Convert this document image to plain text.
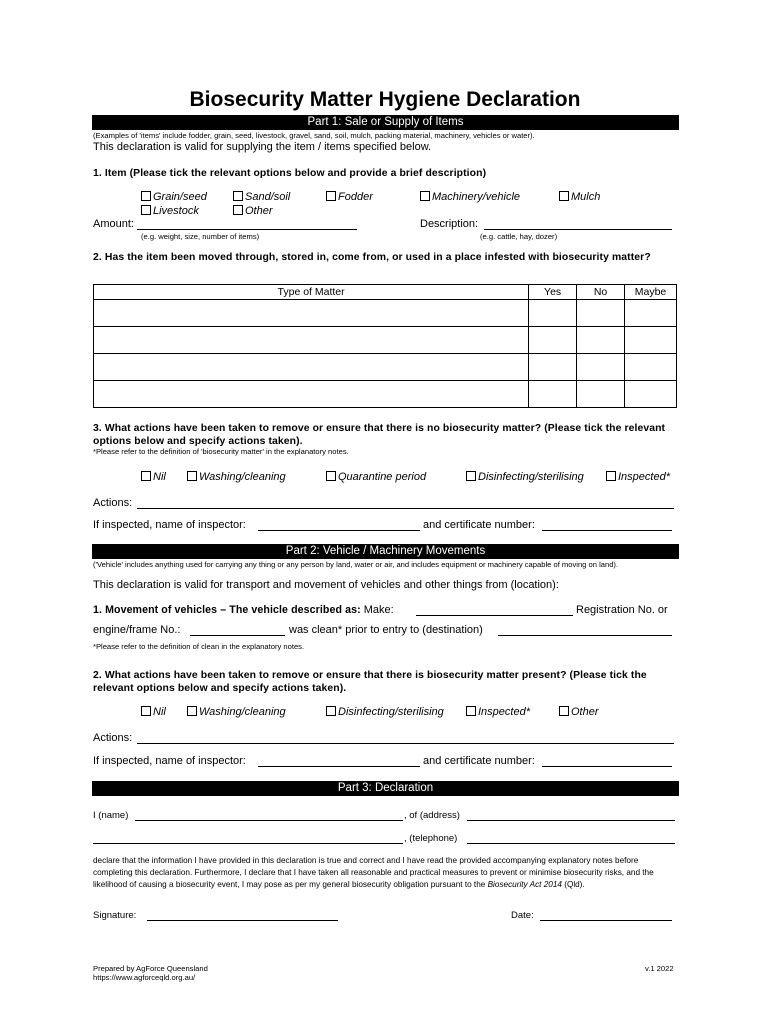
Biosecurity Matter Hygiene Declaration
Part 1: Sale or Supply of Items
(Examples of 'items' include fodder, grain, seed, livestock, gravel, sand, soil, mulch, packing material, machinery, vehicles or water).
This declaration is valid for supplying the item / items specified below.
1. Item (Please tick the relevant options below and provide a brief description)
Grain/seed	Sand/soil	Fodder	Machinery/vehicle	Mulch
Livestock	Other
Amount:
(e.g. weight, size, number of items)
Description:
(e.g. cattle, hay, dozer)
2. Has the item been moved through, stored in, come from, or used in a place infested with biosecurity matter?
Type of Matter	Yes	No	Maybe

3. What actions have been taken to remove or ensure that there is no biosecurity matter? (Please tick the relevant options below and specify actions taken).
*Please refer to the definition of 'biosecurity matter' in the explanatory notes.
Nil	Washing/cleaning	Quarantine period	Disinfecting/sterilising	Inspected*
Actions:
If inspected, name of inspector:	and certificate number:
Part 2: Vehicle / Machinery Movements
('Vehicle' includes anything used for carrying any thing or any person by land, water or air, and includes equipment or machinery capable of moving on land).
This declaration is valid for transport and movement of vehicles and other things from (location):
1. Movement of vehicles – The vehicle described as: Make:	Registration No. or
engine/frame No.:	was clean* prior to entry to (destination)
*Please refer to the definition of clean in the explanatory notes.
2. What actions have been taken to remove or ensure that there is biosecurity matter present? (Please tick the relevant options below and specify actions taken).
Nil	Washing/cleaning	Disinfecting/sterilising	Inspected*	Other
Actions:
If inspected, name of inspector:	and certificate number:
Part 3: Declaration
I (name)	, of (address)
, (telephone)
declare that the information I have provided in this declaration is true and correct and I have read the provided accompanying explanatory notes before completing this declaration. Furthermore, I declare that I have taken all reasonable and practical measures to prevent or minimise biosecurity risks, and the likelihood of causing a biosecurity event, I may pose as per my general biosecurity obligation pursuant to the Biosecurity Act 2014 (Qld).
Signature:	Date:
Prepared by AgForce Queensland
https://www.agforceqld.org.au/
v.1 2022
